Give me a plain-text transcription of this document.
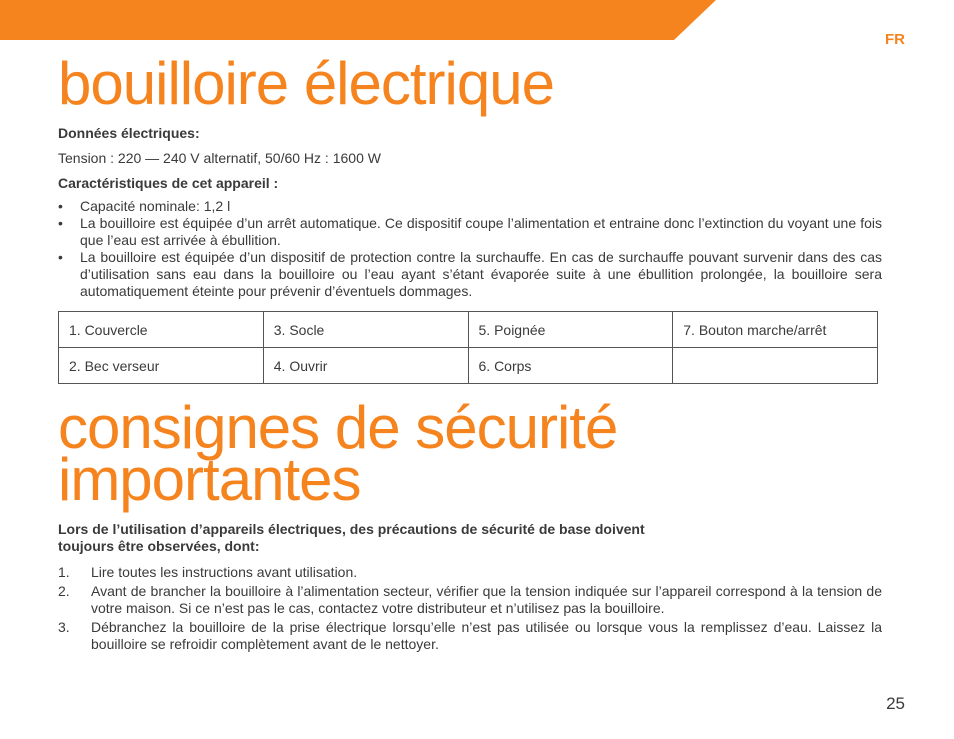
FR
bouilloire électrique

Données électriques:

Tension : 220 — 240 V alternatif, 50/60 Hz : 1600 W

Caractéristiques de cet appareil :

• Capacité nominale: 1,2 l
• La bouilloire est équipée d’un arrêt automatique. Ce dispositif coupe l’alimentation et entraine donc l’extinction du voyant une fois que l’eau est arrivée à ébullition.
• La bouilloire est équipée d’un dispositif de protection contre la surchauffe. En cas de surchauffe pouvant survenir dans des cas d’utilisation sans eau dans la bouilloire ou l’eau ayant s’étant évaporée suite à une ébullition prolongée, la bouilloire sera automatiquement éteinte pour prévenir d’éventuels dommages.
1. Couvercle	3. Socle	5. Poignée	7. Bouton marche/arrêt
2. Bec verseur	4. Ouvrir	6. Corps	
consignes de sécurité
importantes

Lors de l’utilisation d’appareils électriques, des précautions de sécurité de base doivent
toujours être observées, dont:

1. Lire toutes les instructions avant utilisation.
2. Avant de brancher la bouilloire à l’alimentation secteur, vérifier que la tension indiquée sur l’appareil correspond à la tension de votre maison. Si ce n’est pas le cas, contactez votre distributeur et n’utilisez pas la bouilloire.
3. Débranchez la bouilloire de la prise électrique lorsqu’elle n’est pas utilisée ou lorsque vous la remplissez d’eau. Laissez la bouilloire se refroidir complètement avant de le nettoyer.
25
